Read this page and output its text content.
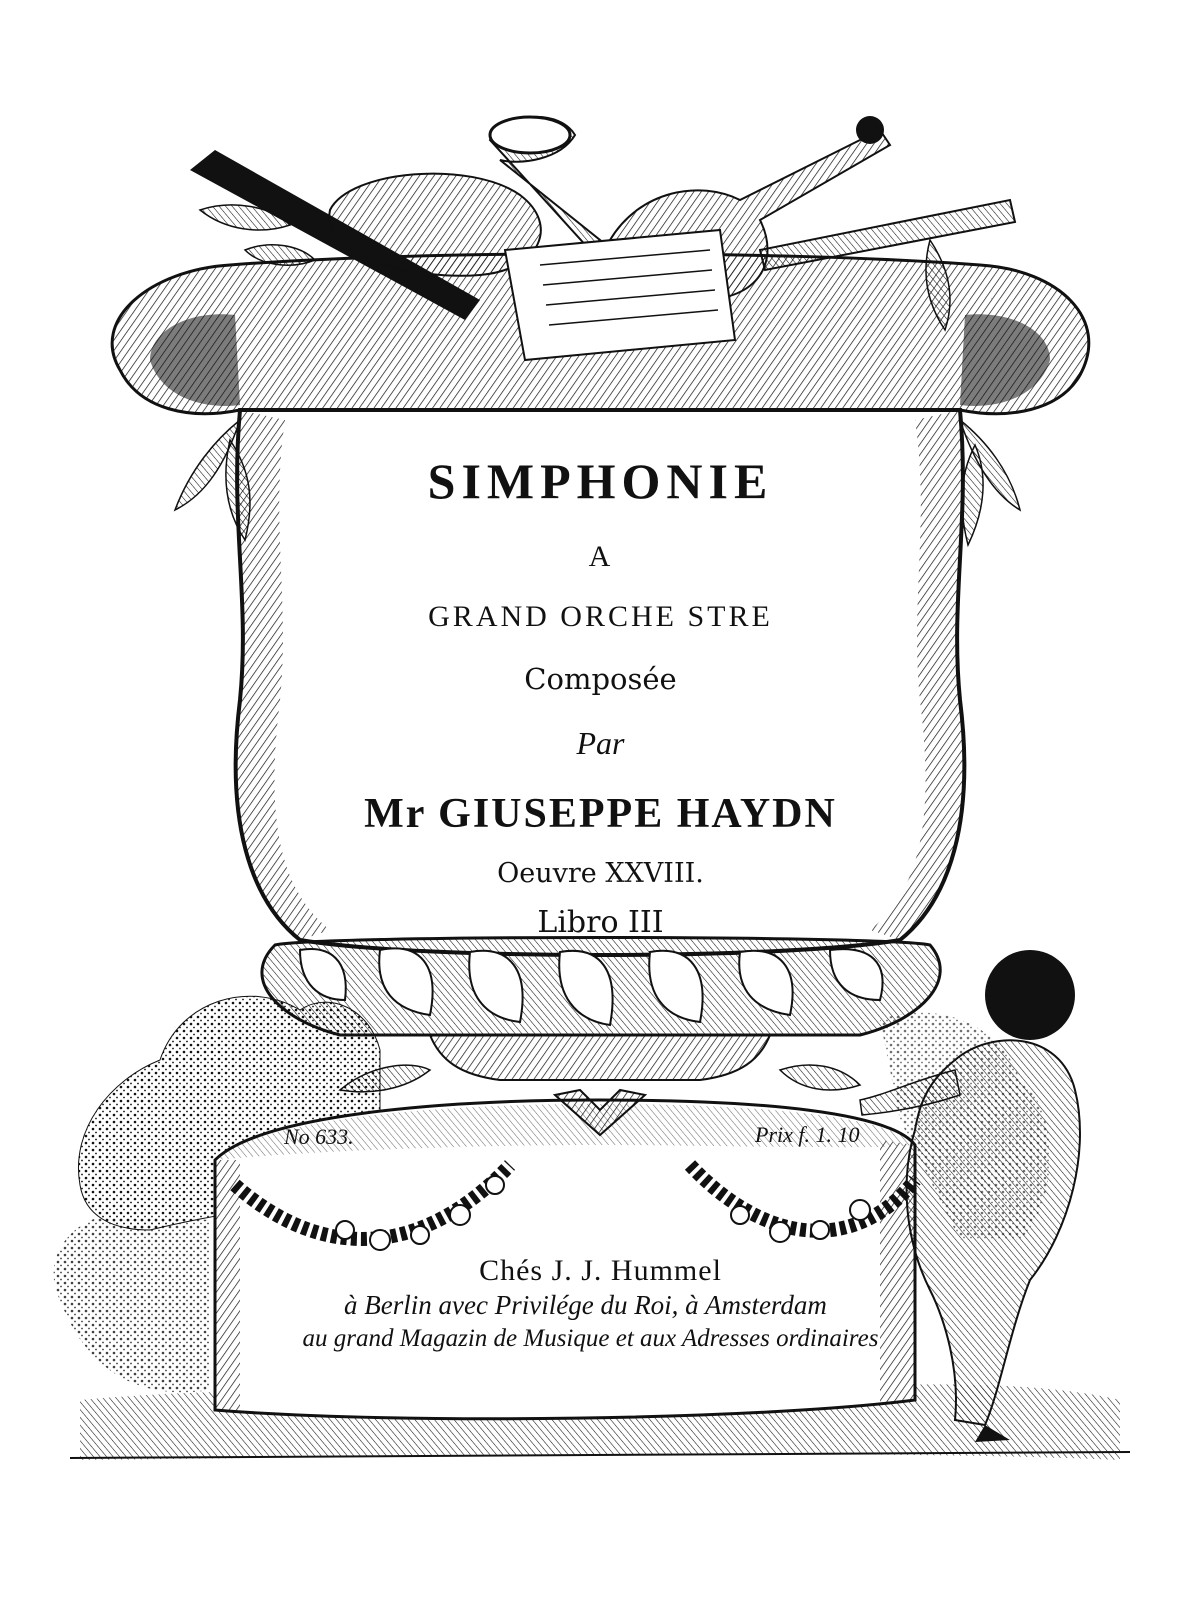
SIMPHONIE
A
GRAND ORCHE STRE
Composée
Par
Mr GIUSEPPE HAYDN
Oeuvre XXVIII.
Libro III
No 633.	Prix f. 1. 10
Chés J. J. Hummel
à Berlin avec Privilége du Roi, à Amsterdam
au grand Magazin de Musique et aux Adresses ordinaires
